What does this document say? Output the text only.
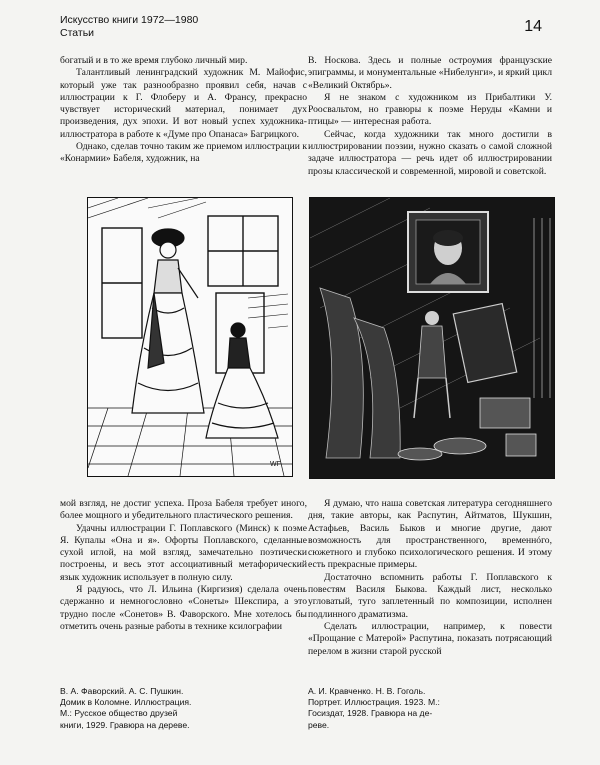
Искусство книги 1972—1980
Статьи	14

богатый и в то же время глубоко личный мир.

Талантливый ленинградский художник М. Майофис, который уже так разнообразно проявил себя, начав с иллюстрации к Г. Флоберу и А. Франсу, прекрасно чувствует исторический материал, понимает дух произведения, дух эпохи. И вот новый успех художника-иллюстратора в работе к «Думе про Опанаса» Багрицкого.

Однако, сделав точно таким же приемом иллюстрации к «Конармии» Бабеля, художник, на

В. Носкова. Здесь и полные остроумия французские эпиграммы, и монументальные «Нибелунги», и яркий цикл «Великий Октябрь».

Я не знаком с художником из Прибалтики У. Роосвальтом, но гравюры к поэме Неруды «Камни и птицы» — интересная работа.

Сейчас, когда художники так много достигли в иллюстрировании поэзии, нужно сказать о самой сложной задаче иллюстратора — речь идет об иллюстрировании прозы классической и современной, мировой и советской.

WF

мой взгляд, не достиг успеха. Проза Бабеля требует иного, более мощного и убедительного пластического решения.

Удачны иллюстрации Г. Поплавского (Минск) к поэме Я. Купалы «Она и я». Офорты Поплавского, сделанные сухой иглой, на мой взгляд, замечательно поэтически построены, и весь этот ассоциативный метафорический язык художник использует в полную силу.

Я радуюсь, что Л. Ильина (Киргизия) сделала очень сдержанно и немногословно «Сонеты» Шекспира, а это трудно после «Сонетов» В. Фаворского. Мне хотелось бы отметить очень разные работы в технике ксилографии

Я думаю, что наша советская литература сегодняшнего дня, такие авторы, как Распутин, Айтматов, Шукшин, Астафьев, Василь Быков и многие другие, дают возможность для пространственного, временнóго, сюжетного и глубоко психологического решения. И этому есть прекрасные примеры.

Достаточно вспомнить работы Г. Поплавского к повестям Василя Быкова. Каждый лист, несколько угловатый, туго заплетенный по композиции, исполнен подлинного драматизма.

Сделать иллюстрации, например, к повести «Прощание с Матерой» Распутина, показать потрясающий перелом в жизни старой русской

В. А. Фаворский. А. С. Пушкин.
Домик в Коломне. Иллюстрация.
М.: Русское общество друзей
книги, 1929. Гравюра на дереве.
А. И. Кравченко. Н. В. Гоголь.
Портрет. Иллюстрация. 1923. М.:
Госиздат, 1928. Гравюра на де-
реве.
